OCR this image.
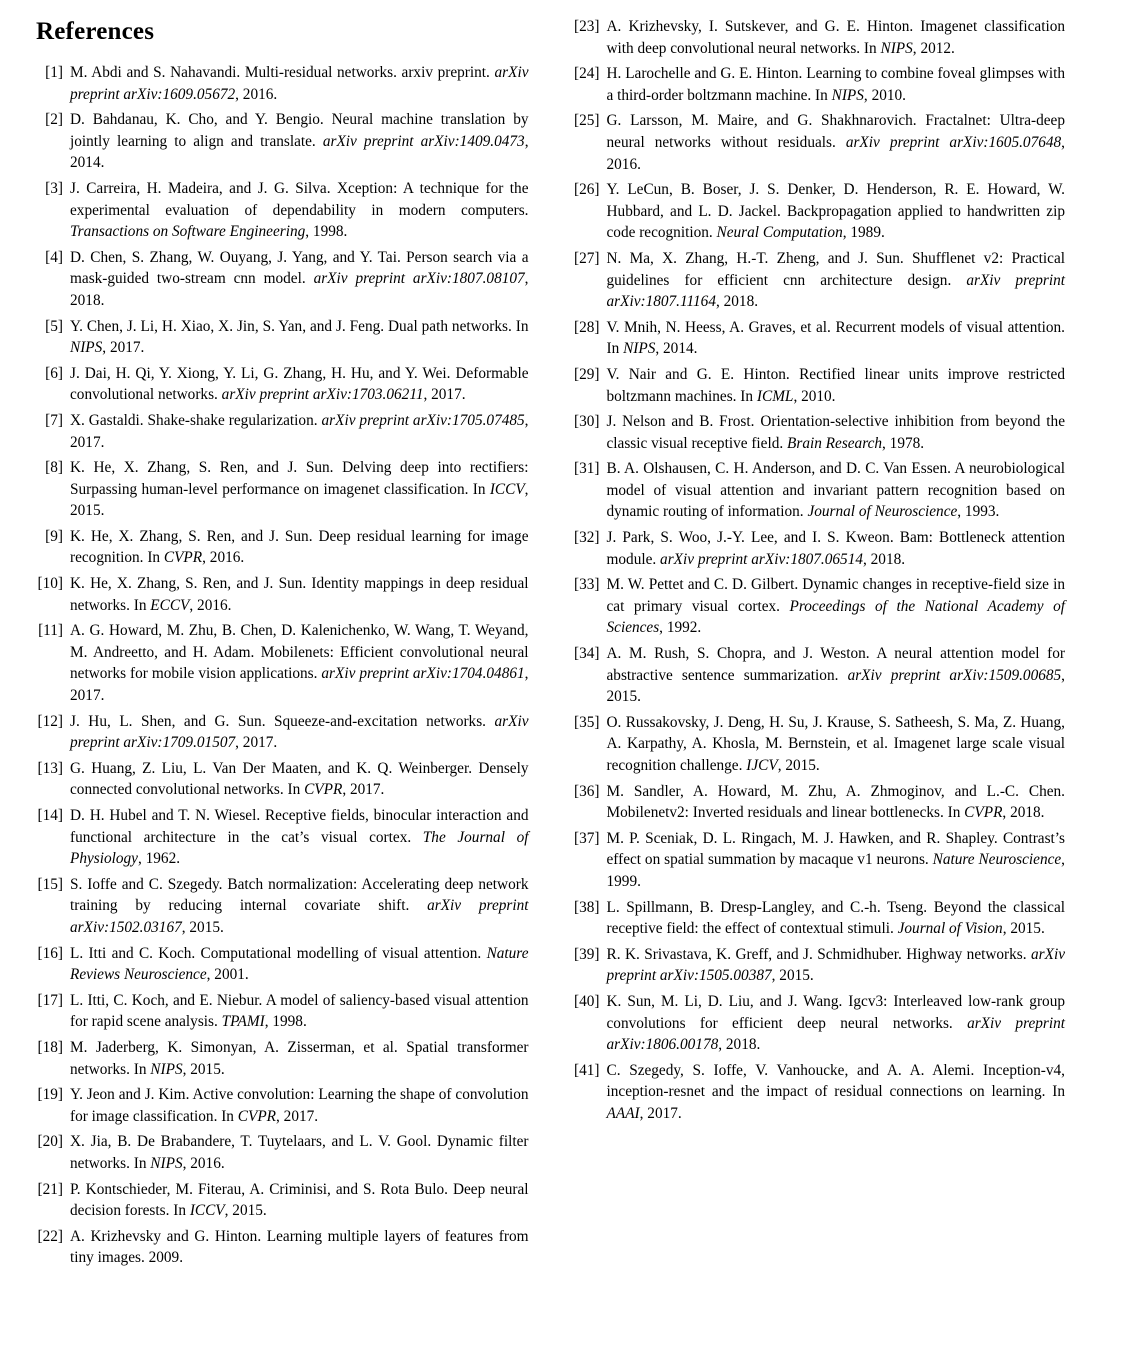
References
[1] M. Abdi and S. Nahavandi. Multi-residual networks. arxiv preprint. arXiv preprint arXiv:1609.05672, 2016.
[2] D. Bahdanau, K. Cho, and Y. Bengio. Neural machine translation by jointly learning to align and translate. arXiv preprint arXiv:1409.0473, 2014.
[3] J. Carreira, H. Madeira, and J. G. Silva. Xception: A technique for the experimental evaluation of dependability in modern computers. Transactions on Software Engineering, 1998.
[4] D. Chen, S. Zhang, W. Ouyang, J. Yang, and Y. Tai. Person search via a mask-guided two-stream cnn model. arXiv preprint arXiv:1807.08107, 2018.
[5] Y. Chen, J. Li, H. Xiao, X. Jin, S. Yan, and J. Feng. Dual path networks. In NIPS, 2017.
[6] J. Dai, H. Qi, Y. Xiong, Y. Li, G. Zhang, H. Hu, and Y. Wei. Deformable convolutional networks. arXiv preprint arXiv:1703.06211, 2017.
[7] X. Gastaldi. Shake-shake regularization. arXiv preprint arXiv:1705.07485, 2017.
[8] K. He, X. Zhang, S. Ren, and J. Sun. Delving deep into rectifiers: Surpassing human-level performance on imagenet classification. In ICCV, 2015.
[9] K. He, X. Zhang, S. Ren, and J. Sun. Deep residual learning for image recognition. In CVPR, 2016.
[10] K. He, X. Zhang, S. Ren, and J. Sun. Identity mappings in deep residual networks. In ECCV, 2016.
[11] A. G. Howard, M. Zhu, B. Chen, D. Kalenichenko, W. Wang, T. Weyand, M. Andreetto, and H. Adam. Mobilenets: Efficient convolutional neural networks for mobile vision applications. arXiv preprint arXiv:1704.04861, 2017.
[12] J. Hu, L. Shen, and G. Sun. Squeeze-and-excitation networks. arXiv preprint arXiv:1709.01507, 2017.
[13] G. Huang, Z. Liu, L. Van Der Maaten, and K. Q. Weinberger. Densely connected convolutional networks. In CVPR, 2017.
[14] D. H. Hubel and T. N. Wiesel. Receptive fields, binocular interaction and functional architecture in the cat’s visual cortex. The Journal of Physiology, 1962.
[15] S. Ioffe and C. Szegedy. Batch normalization: Accelerating deep network training by reducing internal covariate shift. arXiv preprint arXiv:1502.03167, 2015.
[16] L. Itti and C. Koch. Computational modelling of visual attention. Nature Reviews Neuroscience, 2001.
[17] L. Itti, C. Koch, and E. Niebur. A model of saliency-based visual attention for rapid scene analysis. TPAMI, 1998.
[18] M. Jaderberg, K. Simonyan, A. Zisserman, et al. Spatial transformer networks. In NIPS, 2015.
[19] Y. Jeon and J. Kim. Active convolution: Learning the shape of convolution for image classification. In CVPR, 2017.
[20] X. Jia, B. De Brabandere, T. Tuytelaars, and L. V. Gool. Dynamic filter networks. In NIPS, 2016.
[21] P. Kontschieder, M. Fiterau, A. Criminisi, and S. Rota Bulo. Deep neural decision forests. In ICCV, 2015.
[22] A. Krizhevsky and G. Hinton. Learning multiple layers of features from tiny images. 2009.
[23] A. Krizhevsky, I. Sutskever, and G. E. Hinton. Imagenet classification with deep convolutional neural networks. In NIPS, 2012.
[24] H. Larochelle and G. E. Hinton. Learning to combine foveal glimpses with a third-order boltzmann machine. In NIPS, 2010.
[25] G. Larsson, M. Maire, and G. Shakhnarovich. Fractalnet: Ultra-deep neural networks without residuals. arXiv preprint arXiv:1605.07648, 2016.
[26] Y. LeCun, B. Boser, J. S. Denker, D. Henderson, R. E. Howard, W. Hubbard, and L. D. Jackel. Backpropagation applied to handwritten zip code recognition. Neural Computation, 1989.
[27] N. Ma, X. Zhang, H.-T. Zheng, and J. Sun. Shufflenet v2: Practical guidelines for efficient cnn architecture design. arXiv preprint arXiv:1807.11164, 2018.
[28] V. Mnih, N. Heess, A. Graves, et al. Recurrent models of visual attention. In NIPS, 2014.
[29] V. Nair and G. E. Hinton. Rectified linear units improve restricted boltzmann machines. In ICML, 2010.
[30] J. Nelson and B. Frost. Orientation-selective inhibition from beyond the classic visual receptive field. Brain Research, 1978.
[31] B. A. Olshausen, C. H. Anderson, and D. C. Van Essen. A neurobiological model of visual attention and invariant pattern recognition based on dynamic routing of information. Journal of Neuroscience, 1993.
[32] J. Park, S. Woo, J.-Y. Lee, and I. S. Kweon. Bam: Bottleneck attention module. arXiv preprint arXiv:1807.06514, 2018.
[33] M. W. Pettet and C. D. Gilbert. Dynamic changes in receptive-field size in cat primary visual cortex. Proceedings of the National Academy of Sciences, 1992.
[34] A. M. Rush, S. Chopra, and J. Weston. A neural attention model for abstractive sentence summarization. arXiv preprint arXiv:1509.00685, 2015.
[35] O. Russakovsky, J. Deng, H. Su, J. Krause, S. Satheesh, S. Ma, Z. Huang, A. Karpathy, A. Khosla, M. Bernstein, et al. Imagenet large scale visual recognition challenge. IJCV, 2015.
[36] M. Sandler, A. Howard, M. Zhu, A. Zhmoginov, and L.-C. Chen. Mobilenetv2: Inverted residuals and linear bottlenecks. In CVPR, 2018.
[37] M. P. Sceniak, D. L. Ringach, M. J. Hawken, and R. Shapley. Contrast’s effect on spatial summation by macaque v1 neurons. Nature Neuroscience, 1999.
[38] L. Spillmann, B. Dresp-Langley, and C.-h. Tseng. Beyond the classical receptive field: the effect of contextual stimuli. Journal of Vision, 2015.
[39] R. K. Srivastava, K. Greff, and J. Schmidhuber. Highway networks. arXiv preprint arXiv:1505.00387, 2015.
[40] K. Sun, M. Li, D. Liu, and J. Wang. Igcv3: Interleaved low-rank group convolutions for efficient deep neural networks. arXiv preprint arXiv:1806.00178, 2018.
[41] C. Szegedy, S. Ioffe, V. Vanhoucke, and A. A. Alemi. Inception-v4, inception-resnet and the impact of residual connections on learning. In AAAI, 2017.
